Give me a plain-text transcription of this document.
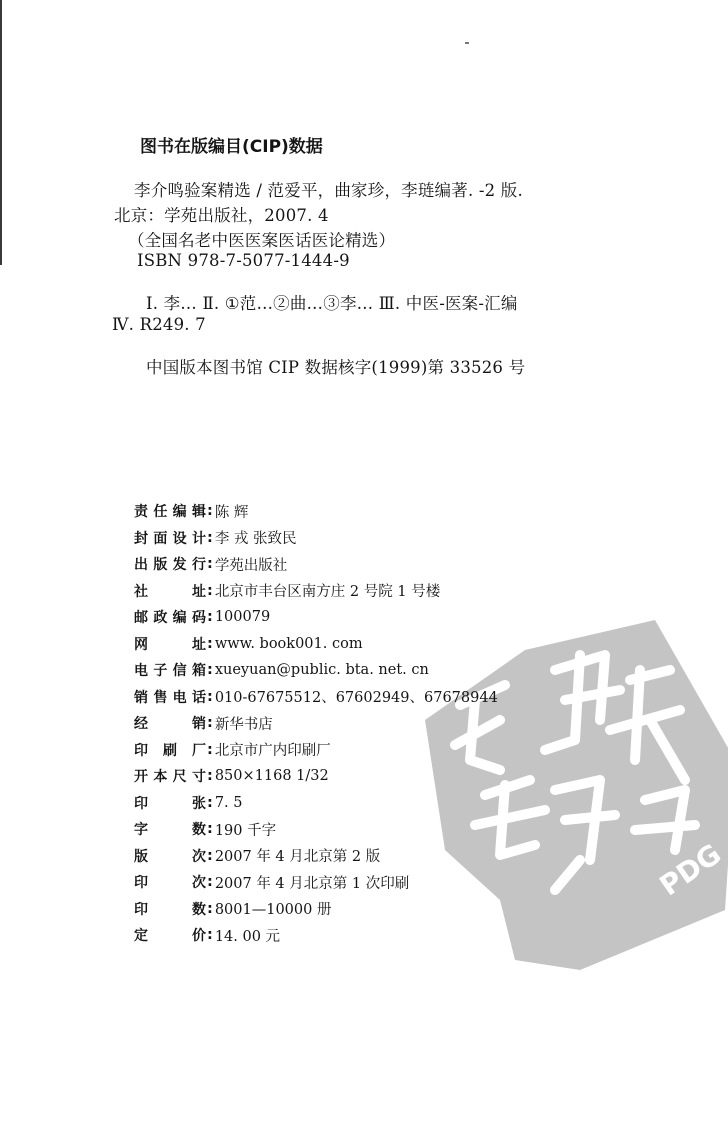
图书在版编目(CIP)数据
李介鸣验案精选 / 范爱平，曲家珍，李琏编著. -2 版.
北京：学苑出版社，2007. 4
（全国名老中医医案医话医论精选）
ISBN 978-7-5077-1444-9
Ⅰ. 李… Ⅱ. ①范…②曲…③李… Ⅲ. 中医-医案-汇编
Ⅳ. R249. 7
中国版本图书馆 CIP 数据核字(1999)第 33526 号
PDG
责 任 编 辑 : 陈 辉
封 面 设 计 : 李 戎 张致民
出 版 发 行 : 学苑出版社
社	址 : 北京市丰台区南方庄 2 号院 1 号楼
邮 政 编 码 : 100079
网	址 : www. book001. com
电 子 信 箱 : xueyuan@public. bta. net. cn
销 售 电 话 : 010-67675512、67602949、67678944
经	销 : 新华书店
印 刷 厂 : 北京市广内印刷厂
开 本 尺 寸 : 850×1168 1/32
印	张 : 7. 5
字	数 : 190 千字
版	次 : 2007 年 4 月北京第 2 版
印	次 : 2007 年 4 月北京第 1 次印刷
印	数 : 8001—10000 册
定	价 : 14. 00 元
